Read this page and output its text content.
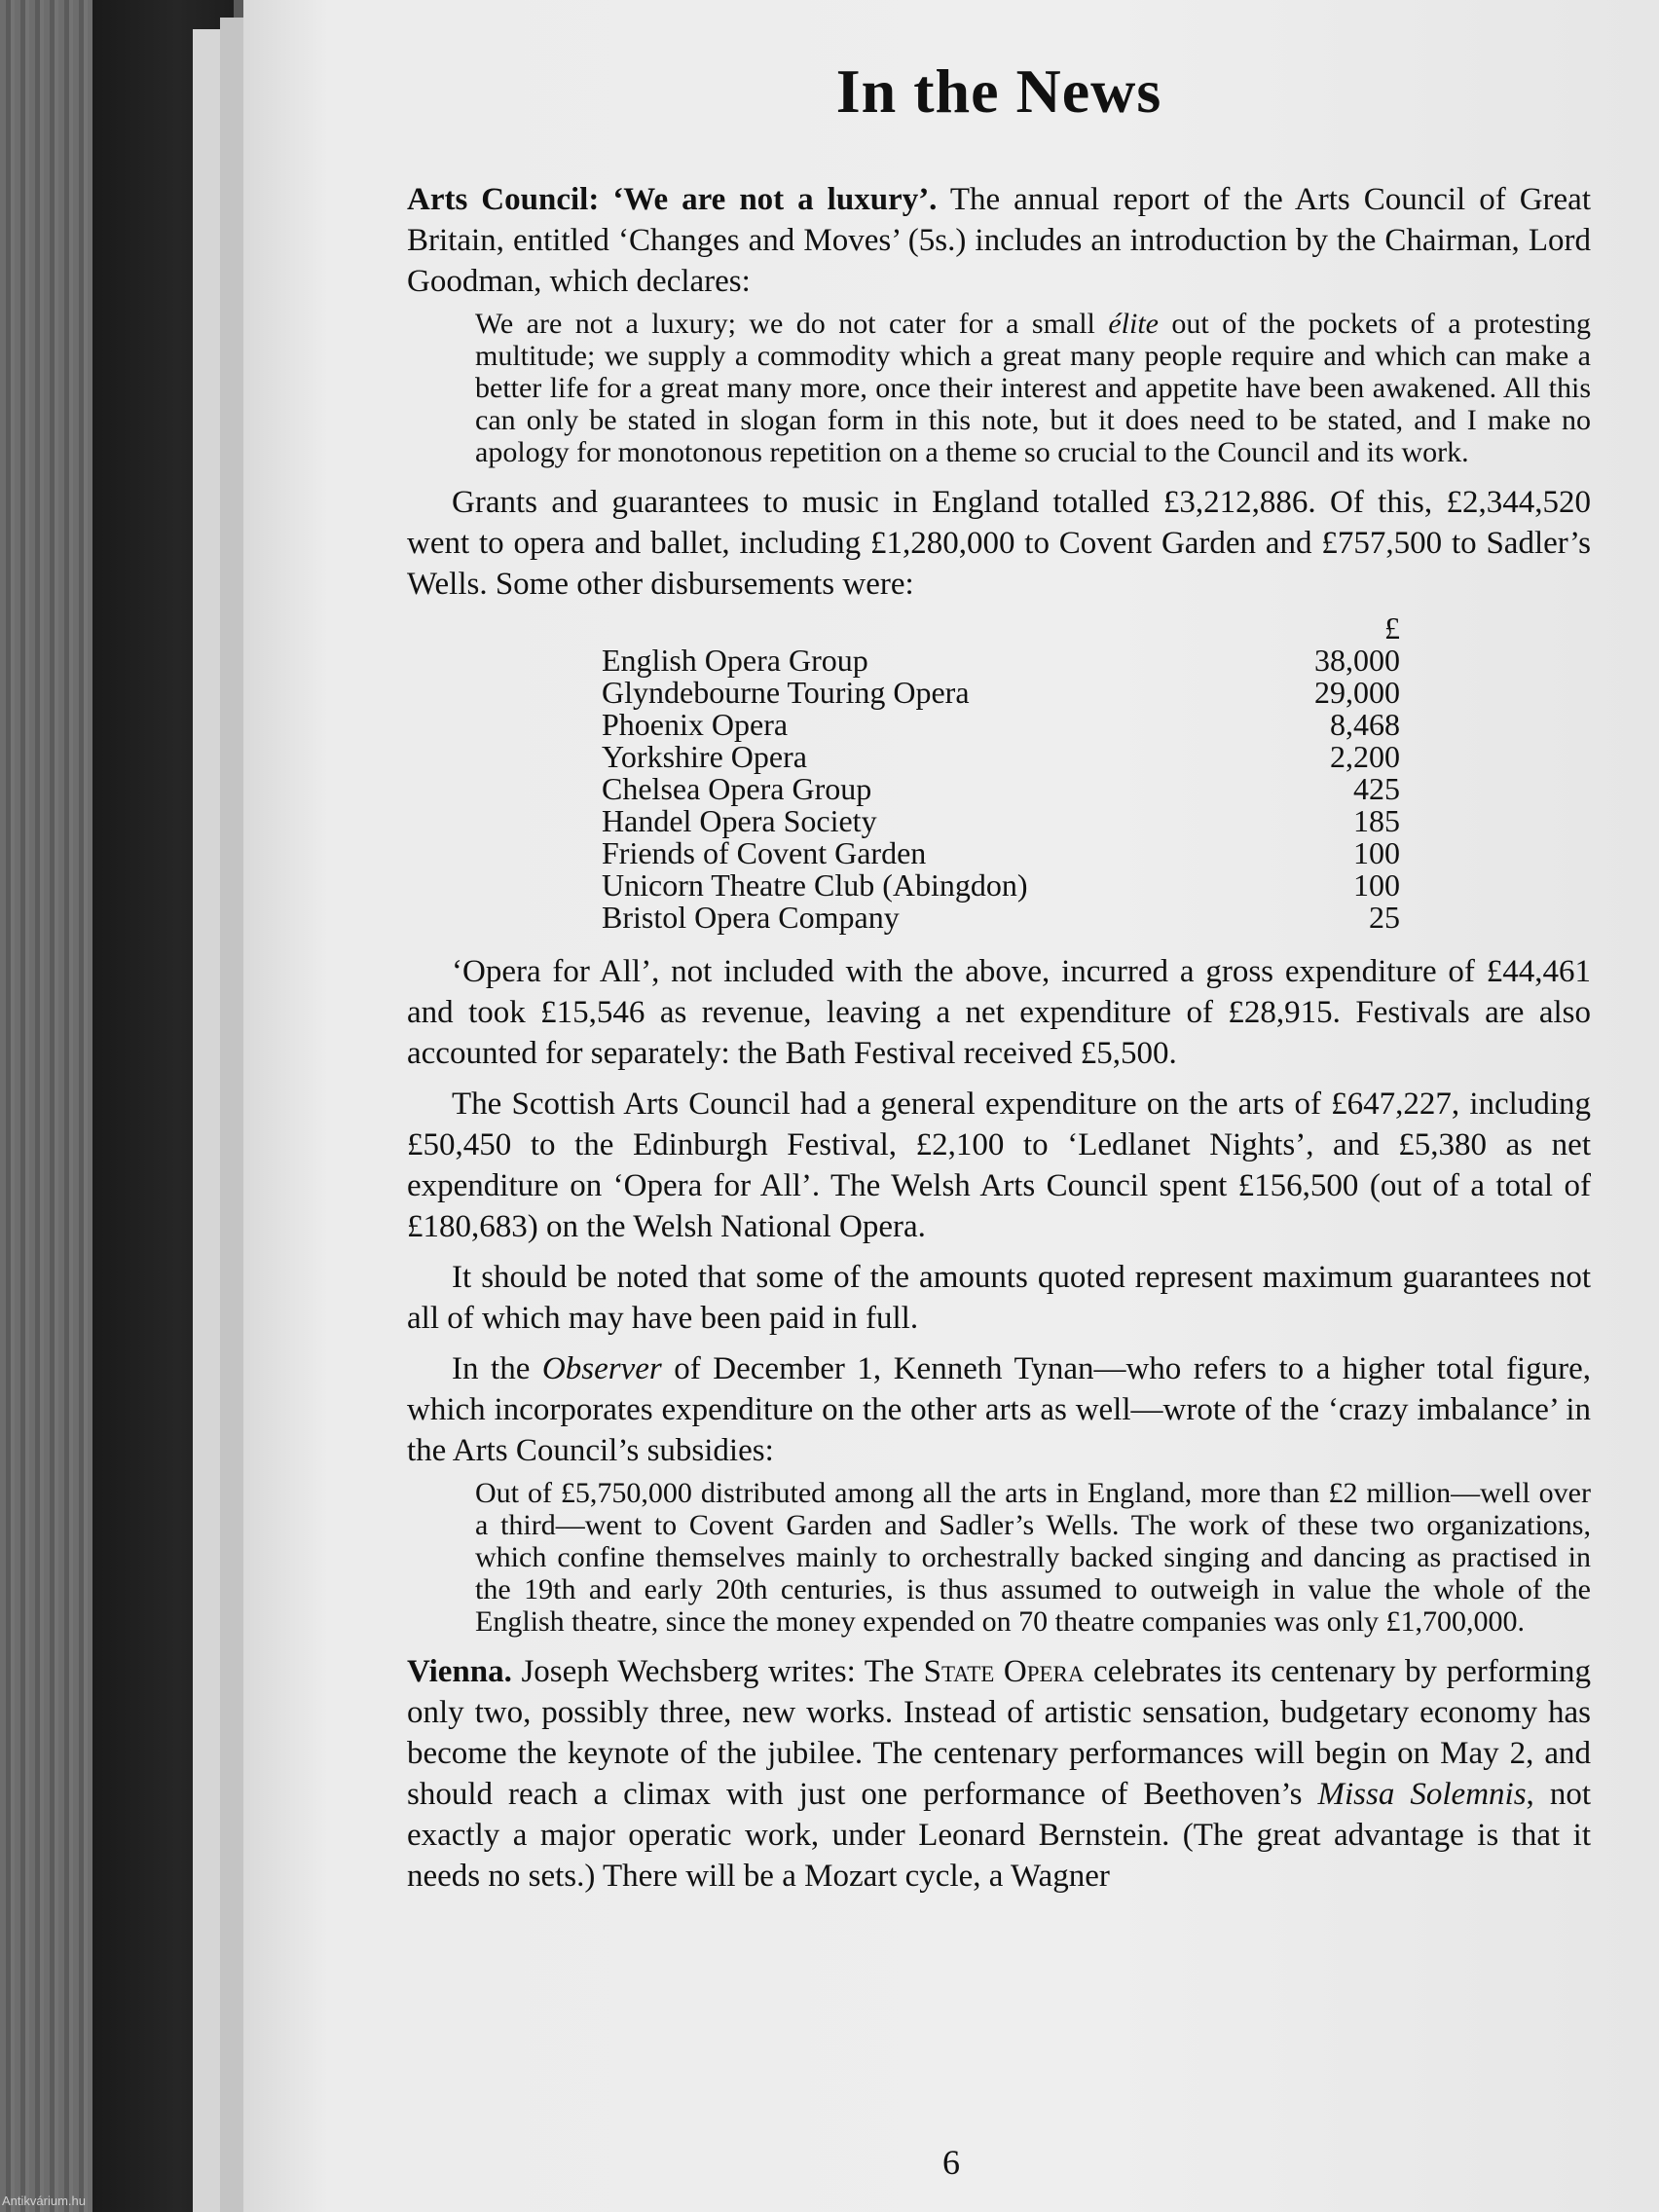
In the News

Arts Council: ‘We are not a luxury’. The annual report of the Arts Council of Great Britain, entitled ‘Changes and Moves’ (5s.) includes an introduction by the Chairman, Lord Goodman, which declares:

We are not a luxury; we do not cater for a small élite out of the pockets of a protesting multitude; we supply a commodity which a great many people require and which can make a better life for a great many more, once their interest and appetite have been awakened. All this can only be stated in slogan form in this note, but it does need to be stated, and I make no apology for monotonous repetition on a theme so crucial to the Council and its work.

Grants and guarantees to music in England totalled £3,212,886. Of this, £2,344,520 went to opera and ballet, including £1,280,000 to Covent Garden and £757,500 to Sadler’s Wells. Some other disbursements were:

£
English Opera Group	38,000
Glyndebourne Touring Opera	29,000
Phoenix Opera	8,468
Yorkshire Opera	2,200
Chelsea Opera Group	425
Handel Opera Society	185
Friends of Covent Garden	100
Unicorn Theatre Club (Abingdon)	100
Bristol Opera Company	25

‘Opera for All’, not included with the above, incurred a gross expenditure of £44,461 and took £15,546 as revenue, leaving a net expenditure of £28,915. Festivals are also accounted for separately: the Bath Festival received £5,500.

The Scottish Arts Council had a general expenditure on the arts of £647,227, including £50,450 to the Edinburgh Festival, £2,100 to ‘Ledlanet Nights’, and £5,380 as net expenditure on ‘Opera for All’. The Welsh Arts Council spent £156,500 (out of a total of £180,683) on the Welsh National Opera.

It should be noted that some of the amounts quoted represent maximum guarantees not all of which may have been paid in full.

In the Observer of December 1, Kenneth Tynan—who refers to a higher total figure, which incorporates expenditure on the other arts as well—wrote of the ‘crazy imbalance’ in the Arts Council’s subsidies:

Out of £5,750,000 distributed among all the arts in England, more than £2 million—well over a third—went to Covent Garden and Sadler’s Wells. The work of these two organizations, which confine themselves mainly to orchestrally backed singing and dancing as practised in the 19th and early 20th centuries, is thus assumed to outweigh in value the whole of the English theatre, since the money expended on 70 theatre companies was only £1,700,000.

Vienna. Joseph Wechsberg writes: The State Opera celebrates its centenary by performing only two, possibly three, new works. Instead of artistic sensation, budgetary economy has become the keynote of the jubilee. The centenary performances will begin on May 2, and should reach a climax with just one performance of Beethoven’s Missa Solemnis, not exactly a major operatic work, under Leonard Bernstein. (The great advantage is that it needs no sets.) There will be a Mozart cycle, a Wagner

6
Antikvárium.hu
